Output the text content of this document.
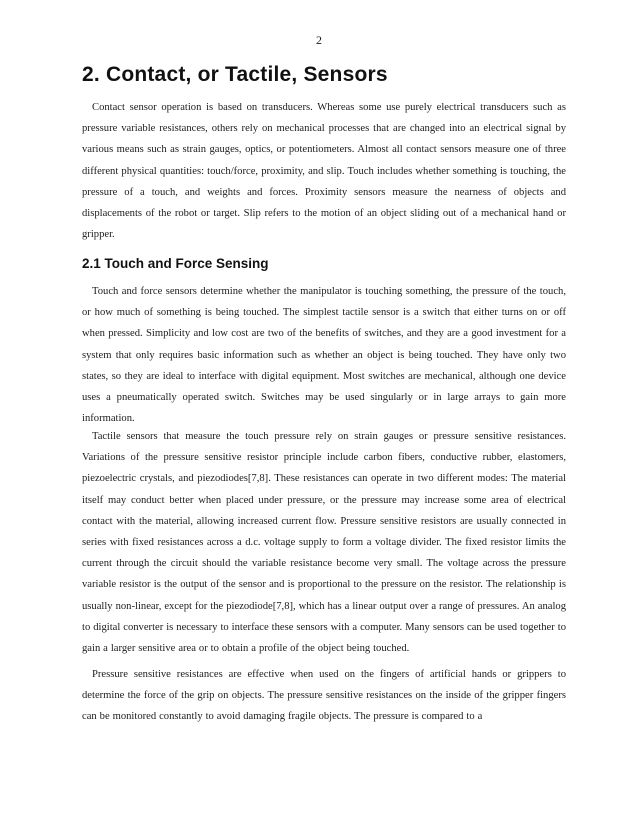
2
2. Contact, or Tactile, Sensors

Contact sensor operation is based on transducers. Whereas some use purely electrical transducers such as pressure variable resistances, others rely on mechanical processes that are changed into an electrical signal by various means such as strain gauges, optics, or potentiometers. Almost all contact sensors measure one of three different physical quantities: touch/force, proximity, and slip. Touch includes whether something is touching, the pressure of a touch, and weights and forces. Proximity sensors measure the nearness of objects and displacements of the robot or target. Slip refers to the motion of an object sliding out of a mechanical hand or gripper.

2.1 Touch and Force Sensing

Touch and force sensors determine whether the manipulator is touching something, the pressure of the touch, or how much of something is being touched. The simplest tactile sensor is a switch that either turns on or off when pressed. Simplicity and low cost are two of the benefits of switches, and they are a good investment for a system that only requires basic information such as whether an object is being touched. They have only two states, so they are ideal to interface with digital equipment. Most switches are mechanical, although one device uses a pneumatically operated switch. Switches may be used singularly or in large arrays to gain more information.

Tactile sensors that measure the touch pressure rely on strain gauges or pressure sensitive resistances. Variations of the pressure sensitive resistor principle include carbon fibers, conductive rubber, elastomers, piezoelectric crystals, and piezodiodes[7,8]. These resistances can operate in two different modes: The material itself may conduct better when placed under pressure, or the pressure may increase some area of electrical contact with the material, allowing increased current flow. Pressure sensitive resistors are usually connected in series with fixed resistances across a d.c. voltage supply to form a voltage divider. The fixed resistor limits the current through the circuit should the variable resistance become very small. The voltage across the pressure variable resistor is the output of the sensor and is proportional to the pressure on the resistor. The relationship is usually non-linear, except for the piezodiode[7,8], which has a linear output over a range of pressures. An analog to digital converter is necessary to interface these sensors with a computer. Many sensors can be used together to gain a larger sensitive area or to obtain a profile of the object being touched.

Pressure sensitive resistances are effective when used on the fingers of artificial hands or grippers to determine the force of the grip on objects. The pressure sensitive resistances on the inside of the gripper fingers can be monitored constantly to avoid damaging fragile objects. The pressure is compared to a
